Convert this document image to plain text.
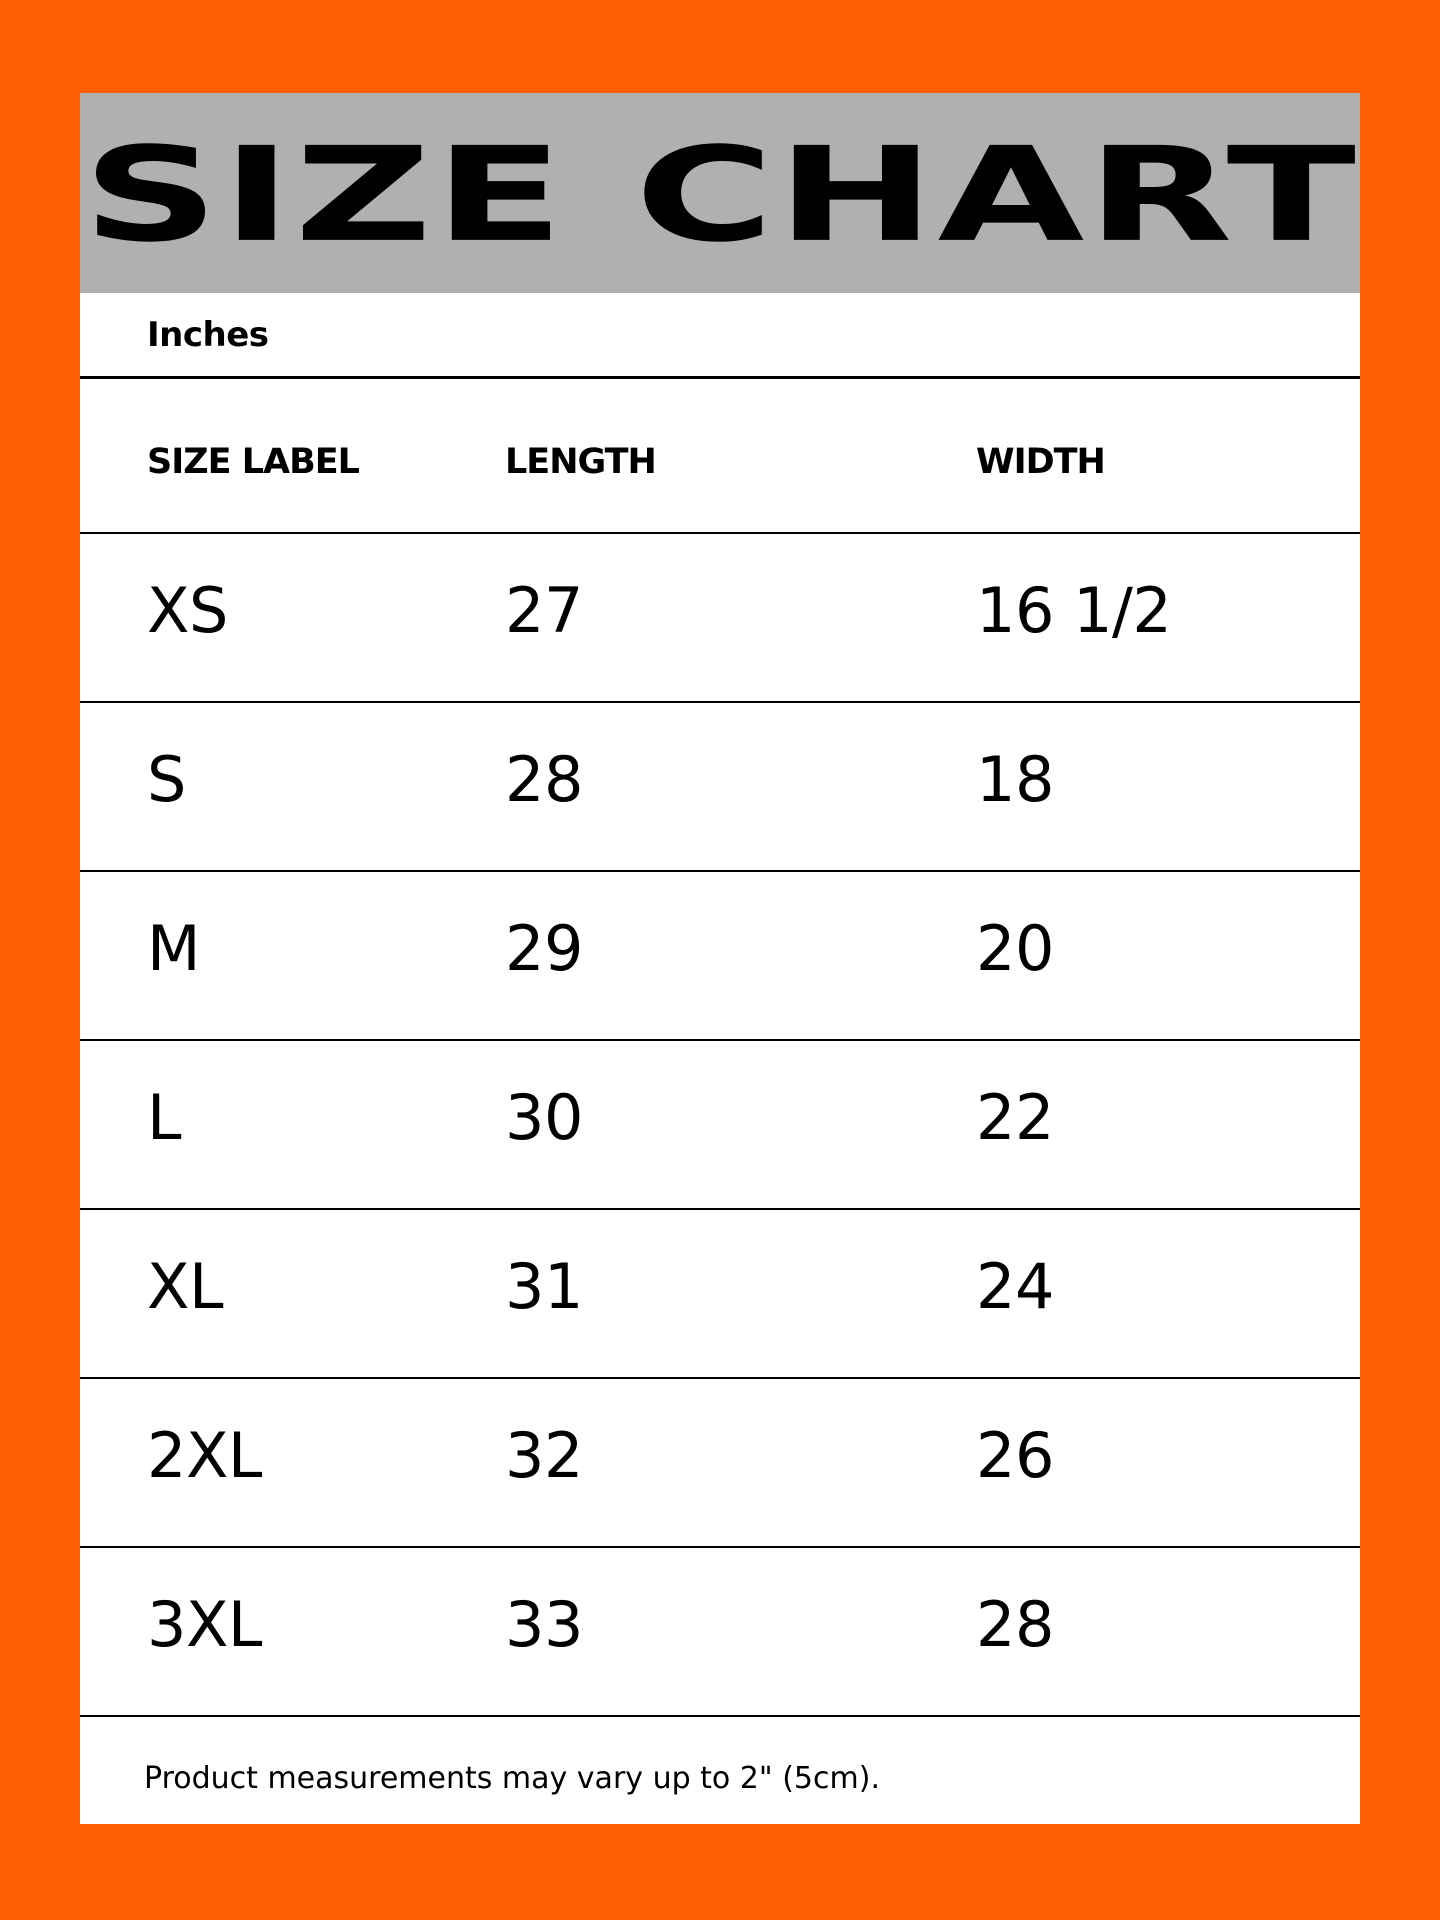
SIZE CHART
Inches
SIZE LABEL	LENGTH	WIDTH
XS	27	16 1/2
S	28	18
M	29	20
L	30	22
XL	31	24
2XL	32	26
3XL	33	28
Product measurements may vary up to 2" (5cm).
